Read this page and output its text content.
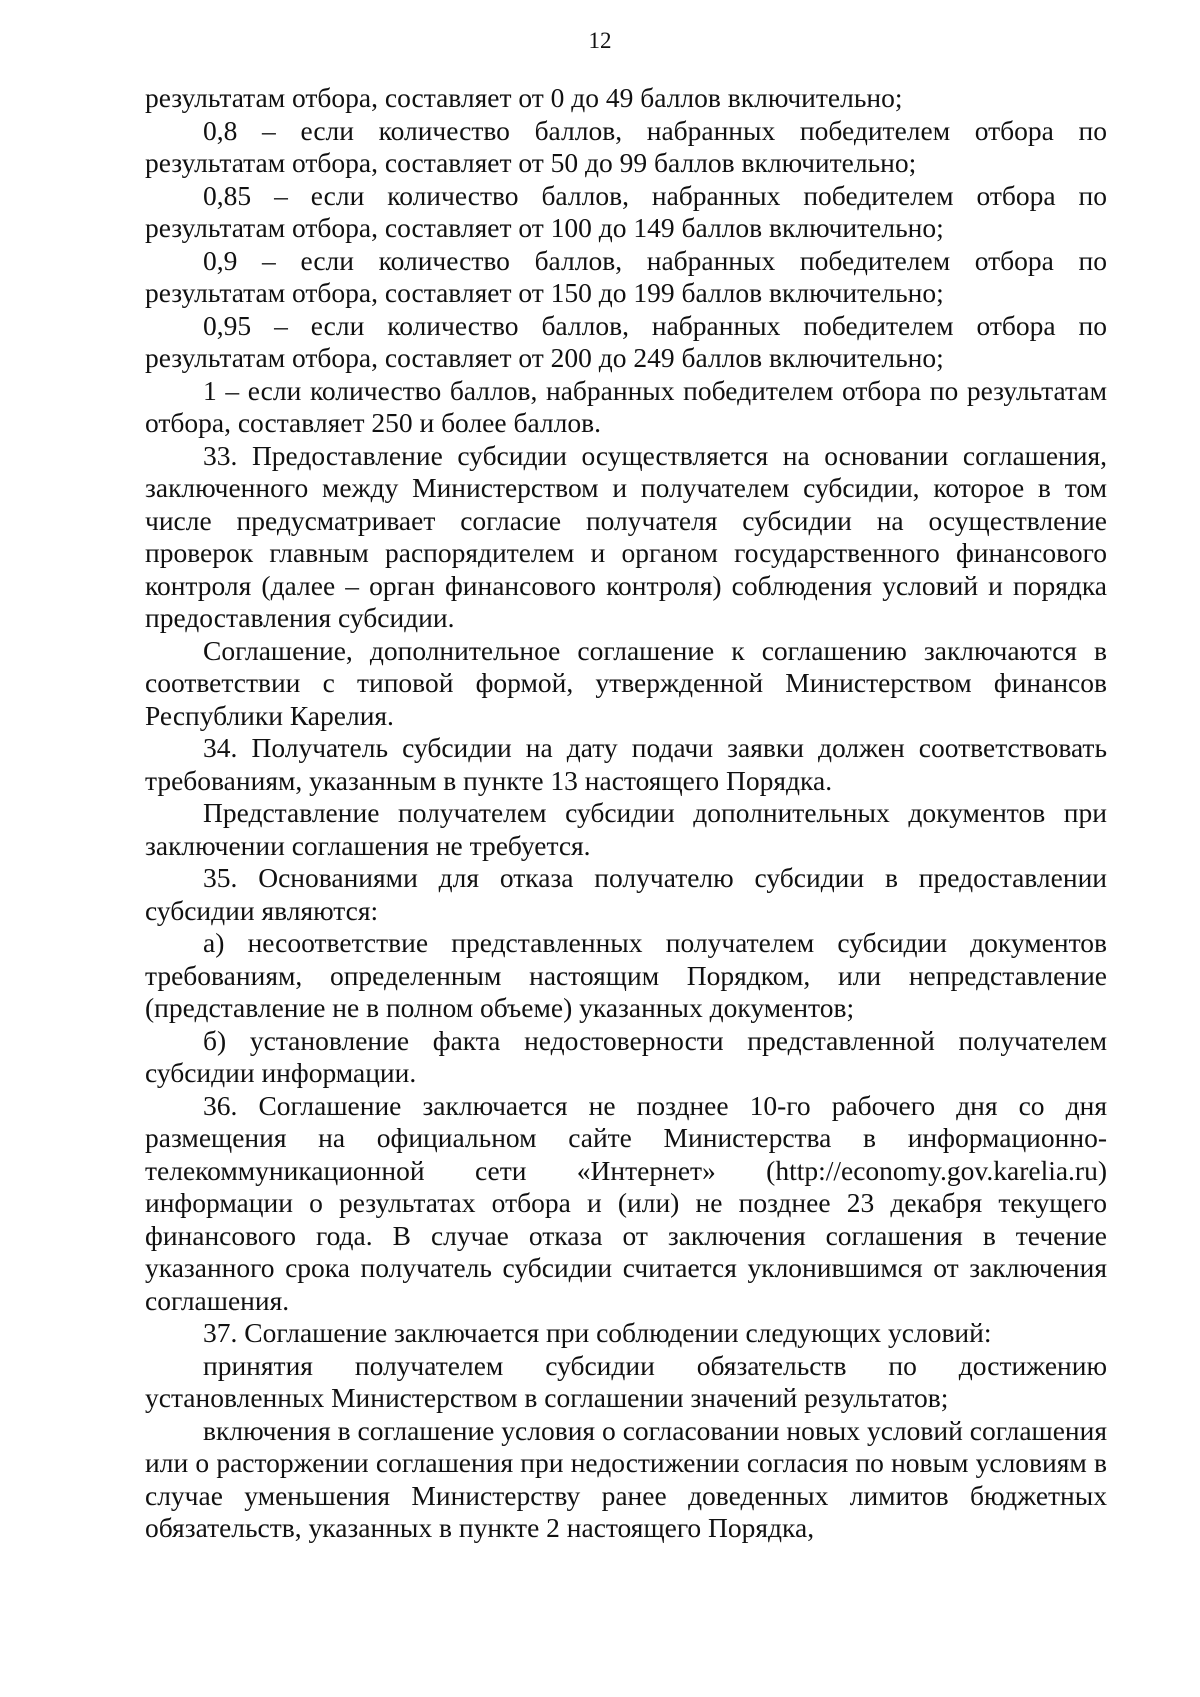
12

результатам отбора, составляет от 0 до 49 баллов включительно;

0,8 – если количество баллов, набранных победителем отбора по результатам отбора, составляет от 50 до 99 баллов включительно;

0,85 – если количество баллов, набранных победителем отбора по результатам отбора, составляет от 100 до 149 баллов включительно;

0,9 – если количество баллов, набранных победителем отбора по результатам отбора, составляет от 150 до 199 баллов включительно;

0,95 – если количество баллов, набранных победителем отбора по результатам отбора, составляет от 200 до 249 баллов включительно;

1 – если количество баллов, набранных победителем отбора по результатам отбора, составляет 250 и более баллов.

33. Предоставление субсидии осуществляется на основании соглашения, заключенного между Министерством и получателем субсидии, которое в том числе предусматривает согласие получателя субсидии на осуществление проверок главным распорядителем и органом государственного финансового контроля (далее – орган финансового контроля) соблюдения условий и порядка предоставления субсидии.

Соглашение, дополнительное соглашение к соглашению заключаются в соответствии с типовой формой, утвержденной Министерством финансов Республики Карелия.

34. Получатель субсидии на дату подачи заявки должен соответствовать требованиям, указанным в пункте 13 настоящего Порядка.

Представление получателем субсидии дополнительных документов при заключении соглашения не требуется.

35. Основаниями для отказа получателю субсидии в предоставлении субсидии являются:

а) несоответствие представленных получателем субсидии документов требованиям, определенным настоящим Порядком, или непредставление (представление не в полном объеме) указанных документов;

б) установление факта недостоверности представленной получателем субсидии информации.

36. Соглашение заключается не позднее 10-го рабочего дня со дня размещения на официальном сайте Министерства в информационно-телекоммуникационной сети «Интернет» (http://economy.gov.karelia.ru) информации о результатах отбора и (или) не позднее 23 декабря текущего финансового года. В случае отказа от заключения соглашения в течение указанного срока получатель субсидии считается уклонившимся от заключения соглашения.

37. Соглашение заключается при соблюдении следующих условий:

принятия получателем субсидии обязательств по достижению установленных Министерством в соглашении значений результатов;

включения в соглашение условия о согласовании новых условий соглашения или о расторжении соглашения при недостижении согласия по новым условиям в случае уменьшения Министерству ранее доведенных лимитов бюджетных обязательств, указанных в пункте 2 настоящего Порядка,
